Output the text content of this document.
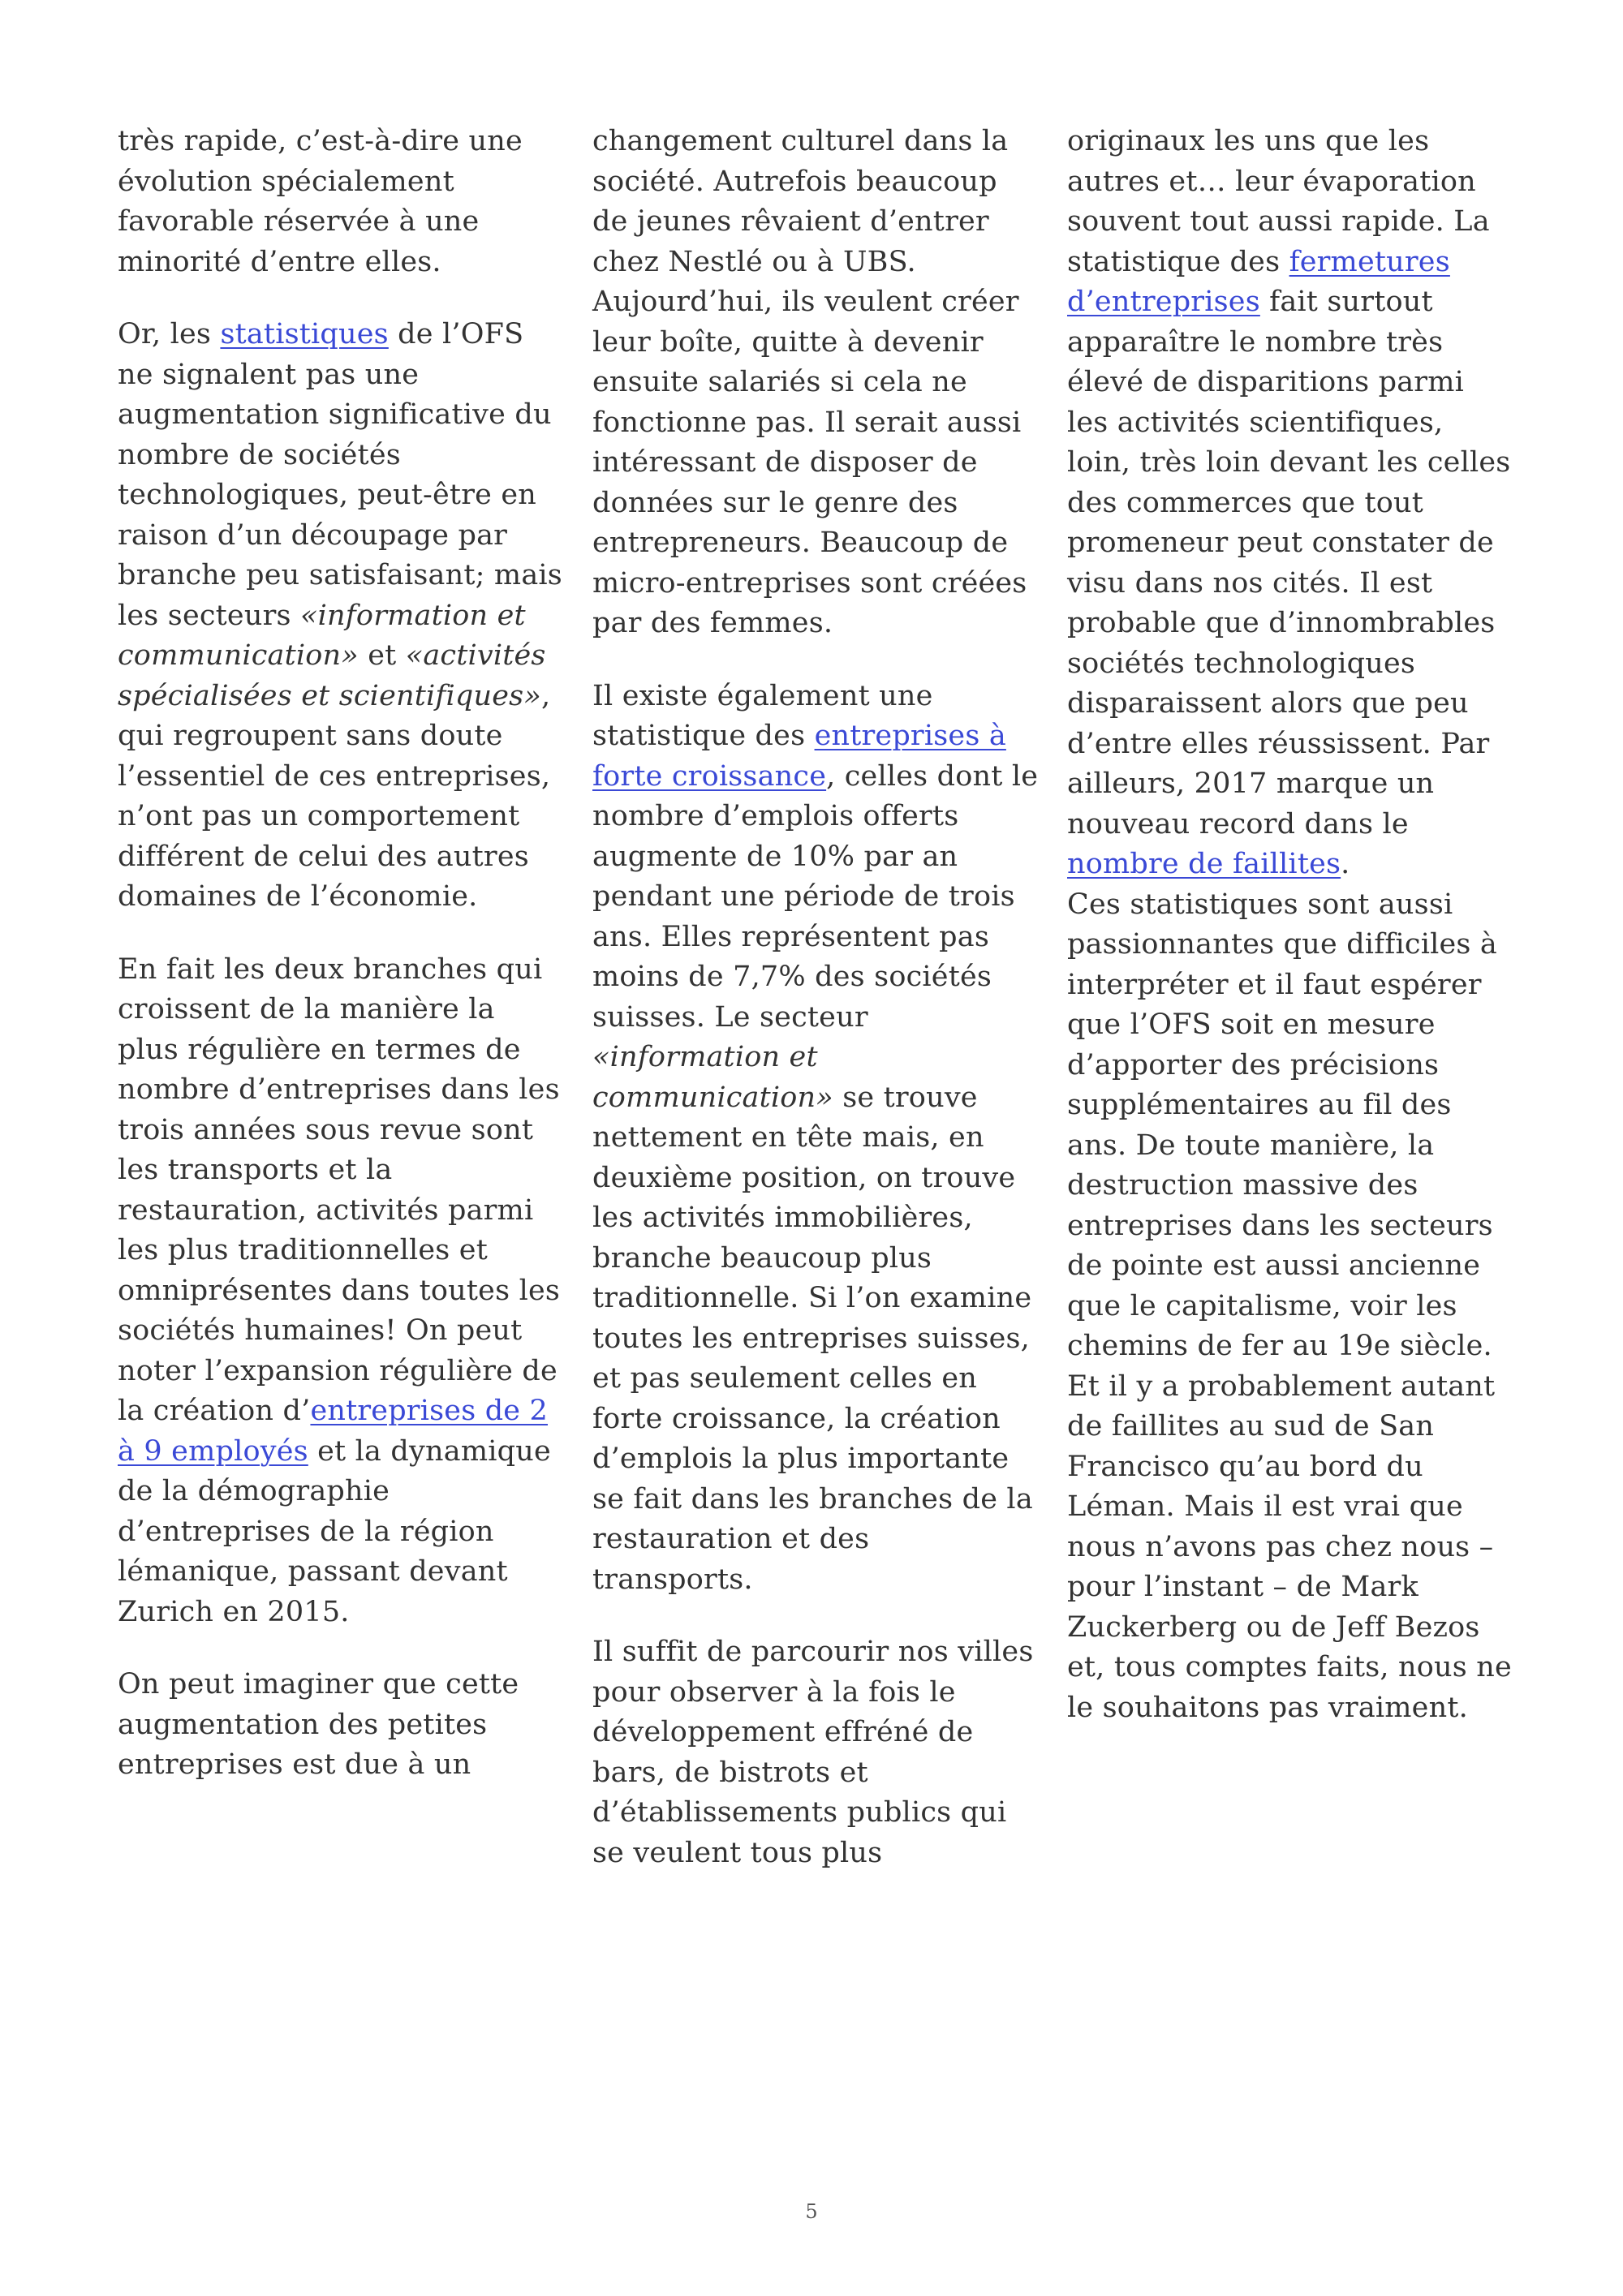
très rapide, c’est-à-dire une évolution spécialement favorable réservée à une minorité d’entre elles.

Or, les statistiques de l’OFS ne signalent pas une augmentation significative du nombre de sociétés technologiques, peut-être en raison d’un découpage par branche peu satisfaisant; mais les secteurs «information et communication» et «activités spécialisées et scientifiques», qui regroupent sans doute l’essentiel de ces entreprises, n’ont pas un comportement différent de celui des autres domaines de l’économie.

En fait les deux branches qui croissent de la manière la plus régulière en termes de nombre d’entreprises dans les trois années sous revue sont les transports et la restauration, activités parmi les plus traditionnelles et omniprésentes dans toutes les sociétés humaines! On peut noter l’expansion régulière de la création d’entreprises de 2 à 9 employés et la dynamique de la démographie d’entreprises de la région lémanique, passant devant Zurich en 2015.

On peut imaginer que cette augmentation des petites entreprises est due à un

changement culturel dans la société. Autrefois beaucoup de jeunes rêvaient d’entrer chez Nestlé ou à UBS. Aujourd’hui, ils veulent créer leur boîte, quitte à devenir ensuite salariés si cela ne fonctionne pas. Il serait aussi intéressant de disposer de données sur le genre des entrepreneurs. Beaucoup de micro-entreprises sont créées par des femmes.

Il existe également une statistique des entreprises à forte croissance, celles dont le nombre d’emplois offerts augmente de 10% par an pendant une période de trois ans. Elles représentent pas moins de 7,7% des sociétés suisses. Le secteur «information et communication» se trouve nettement en tête mais, en deuxième position, on trouve les activités immobilières, branche beaucoup plus traditionnelle. Si l’on examine toutes les entreprises suisses, et pas seulement celles en forte croissance, la création d’emplois la plus importante se fait dans les branches de la restauration et des transports.

Il suffit de parcourir nos villes pour observer à la fois le développement effréné de bars, de bistrots et d’établissements publics qui se veulent tous plus

originaux les uns que les autres et… leur évaporation souvent tout aussi rapide. La statistique des fermetures d’entreprises fait surtout apparaître le nombre très élevé de disparitions parmi les activités scientifiques, loin, très loin devant les celles des commerces que tout promeneur peut constater de visu dans nos cités. Il est probable que d’innombrables sociétés technologiques disparaissent alors que peu d’entre elles réussissent. Par ailleurs, 2017 marque un nouveau record dans le nombre de faillites.

Ces statistiques sont aussi passionnantes que difficiles à interpréter et il faut espérer que l’OFS soit en mesure d’apporter des précisions supplémentaires au fil des ans. De toute manière, la destruction massive des entreprises dans les secteurs de pointe est aussi ancienne que le capitalisme, voir les chemins de fer au 19e siècle. Et il y a probablement autant de faillites au sud de San Francisco qu’au bord du Léman. Mais il est vrai que nous n’avons pas chez nous – pour l’instant – de Mark Zuckerberg ou de Jeff Bezos et, tous comptes faits, nous ne le souhaitons pas vraiment.

5
